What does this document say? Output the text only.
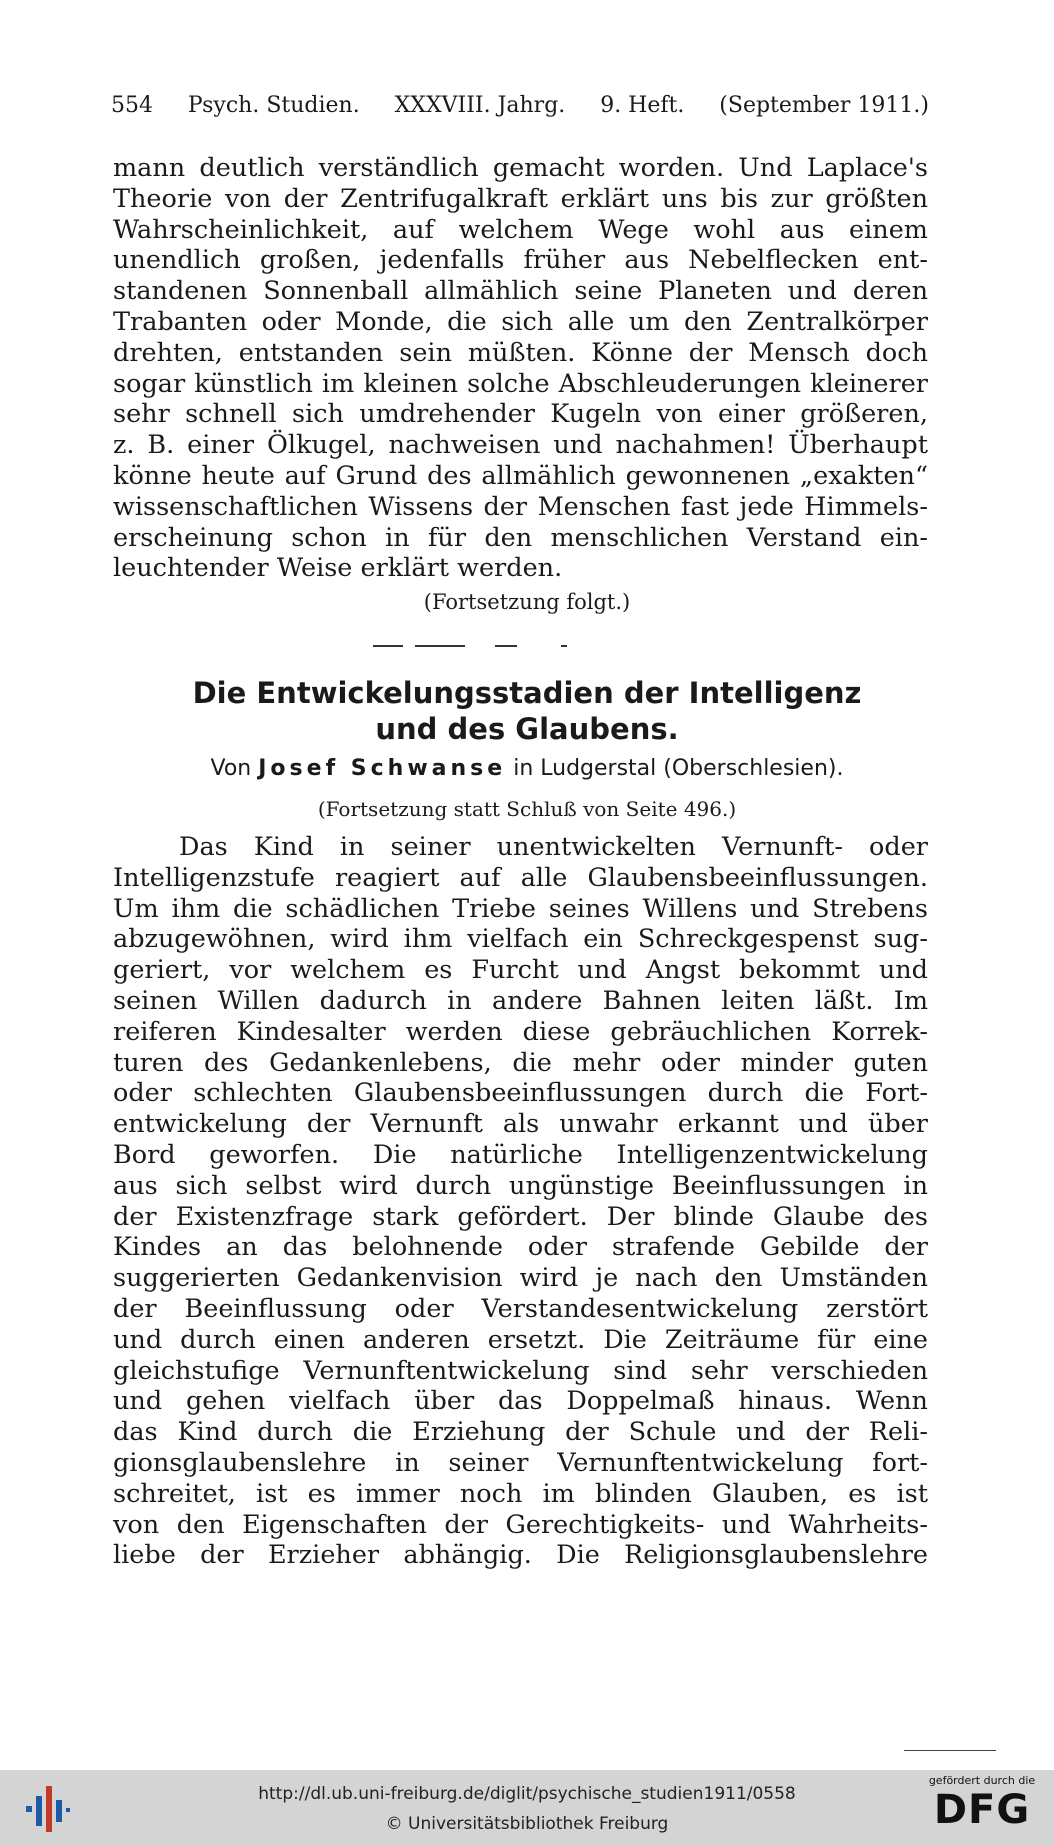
554 Psych. Studien. XXXVIII. Jahrg. 9. Heft. (September 1911.)
mann deutlich verständlich gemacht worden. Und Laplace's
Theorie von der Zentrifugalkraft erklärt uns bis zur größten
Wahrscheinlichkeit, auf welchem Wege wohl aus einem
unendlich großen, jedenfalls früher aus Nebelflecken ent-
standenen Sonnenball allmählich seine Planeten und deren
Trabanten oder Monde, die sich alle um den Zentralkörper
drehten, entstanden sein müßten. Könne der Mensch doch
sogar künstlich im kleinen solche Abschleuderungen kleinerer
sehr schnell sich umdrehender Kugeln von einer größeren,
z. B. einer Ölkugel, nachweisen und nachahmen! Überhaupt
könne heute auf Grund des allmählich gewonnenen „exakten“
wissenschaftlichen Wissens der Menschen fast jede Himmels-
erscheinung schon in für den menschlichen Verstand ein-
leuchtender Weise erklärt werden.
(Fortsetzung folgt.)
Die Entwickelungsstadien der Intelligenz
und des Glaubens.
Von Josef Schwanse in Ludgerstal (Oberschlesien).
(Fortsetzung statt Schluß von Seite 496.)
Das Kind in seiner unentwickelten Vernunft- oder
Intelligenzstufe reagiert auf alle Glaubensbeeinflussungen.
Um ihm die schädlichen Triebe seines Willens und Strebens
abzugewöhnen, wird ihm vielfach ein Schreckgespenst sug-
geriert, vor welchem es Furcht und Angst bekommt und
seinen Willen dadurch in andere Bahnen leiten läßt. Im
reiferen Kindesalter werden diese gebräuchlichen Korrek-
turen des Gedankenlebens, die mehr oder minder guten
oder schlechten Glaubensbeeinflussungen durch die Fort-
entwickelung der Vernunft als unwahr erkannt und über
Bord geworfen. Die natürliche Intelligenzentwickelung
aus sich selbst wird durch ungünstige Beeinflussungen in
der Existenzfrage stark gefördert. Der blinde Glaube des
Kindes an das belohnende oder strafende Gebilde der
suggerierten Gedankenvision wird je nach den Umständen
der Beeinflussung oder Verstandesentwickelung zerstört
und durch einen anderen ersetzt. Die Zeiträume für eine
gleichstufige Vernunftentwickelung sind sehr verschieden
und gehen vielfach über das Doppelmaß hinaus. Wenn
das Kind durch die Erziehung der Schule und der Reli-
gionsglaubenslehre in seiner Vernunftentwickelung fort-
schreitet, ist es immer noch im blinden Glauben, es ist
von den Eigenschaften der Gerechtigkeits- und Wahrheits-
liebe der Erzieher abhängig. Die Religionsglaubenslehre
http://dl.ub.uni-freiburg.de/diglit/psychische_studien1911/0558
© Universitätsbibliothek Freiburg
gefördert durch die
DFG
